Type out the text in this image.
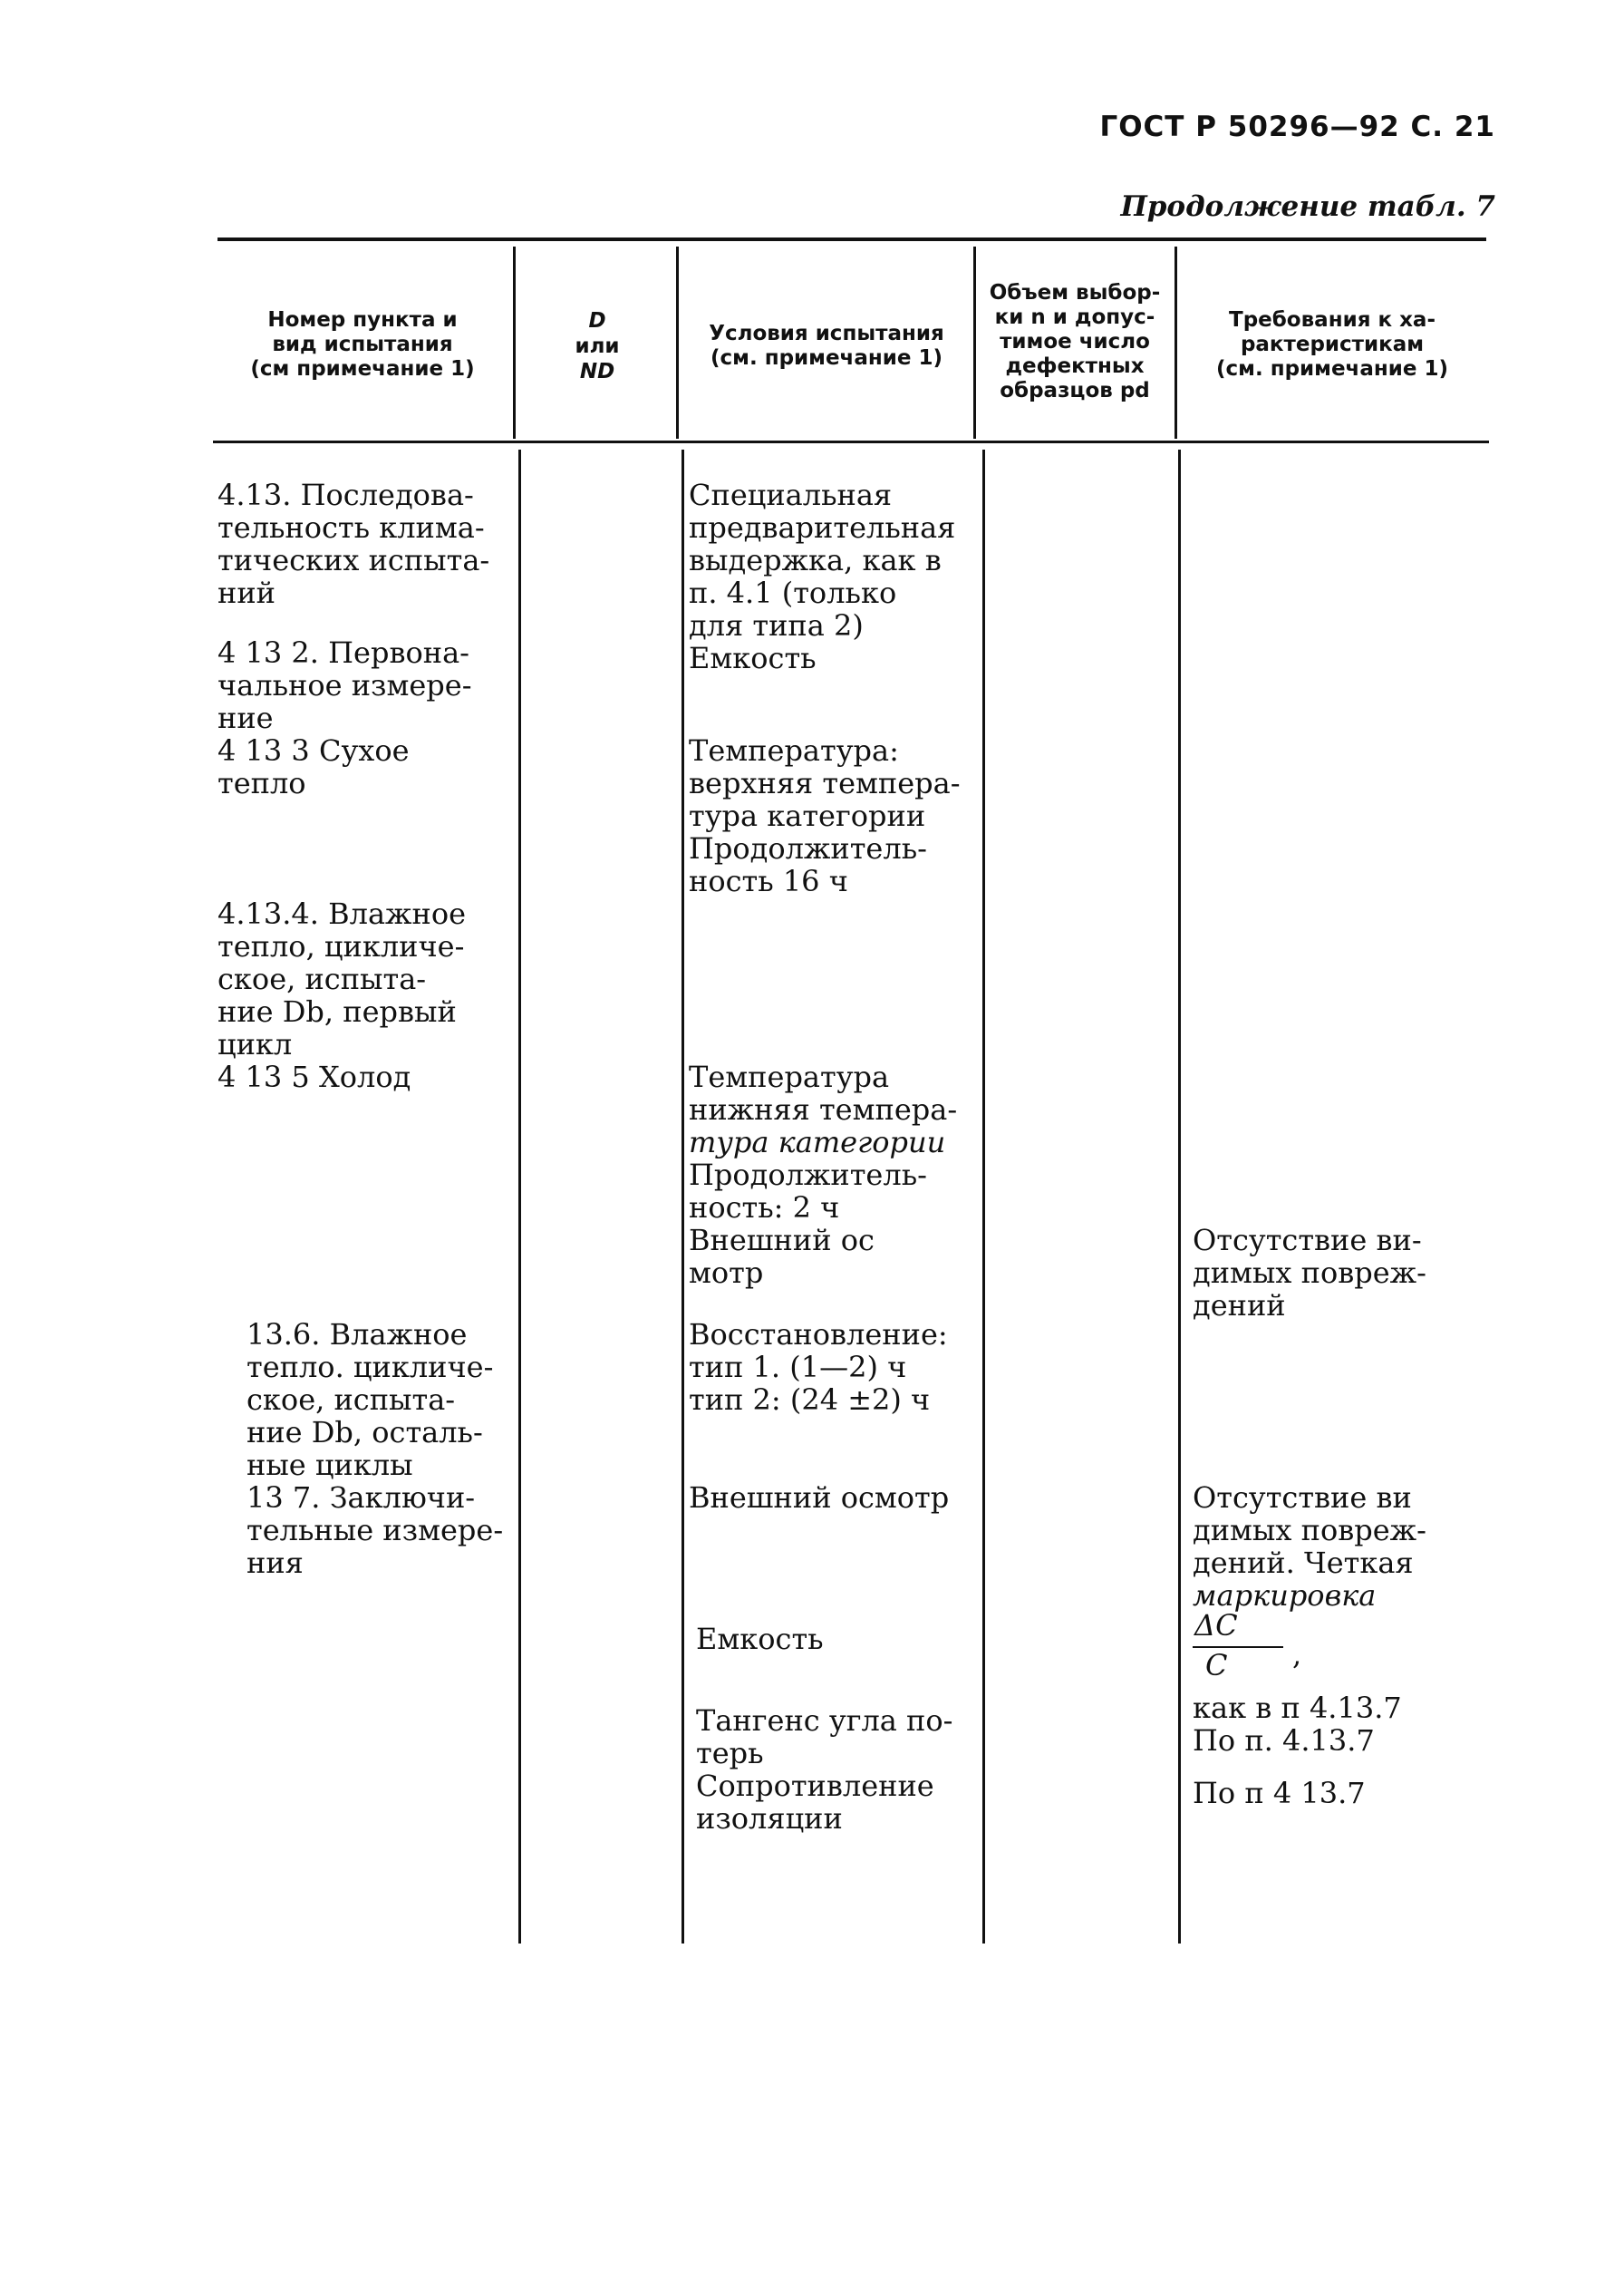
ГОСТ Р 50296—92 С. 21
Продолжение табл. 7
Номер пункта и
вид испытания
(см примечание 1)
D
или
ND
Условия испытания
(см. примечание 1)
Объем выбор-
ки n и допус-
тимое число
дефектных
образцов pd
Требования к ха-
рактеристикам
(см. примечание 1)
4.13. Последова-
тельность клима-
тических испыта-
ний
4 13 2. Первона-
чальное измере-
ние
4 13 3 Сухое
тепло
4.13.4. Влажное
тепло, цикличе-
ское, испыта-
ние Db, первый
цикл
4 13 5 Холод
13.6. Влажное
тепло. цикличе-
ское, испыта-
ние Db, осталь-
ные циклы
13 7. Заключи-
тельные измере-
ния
Специальная
предварительная
выдержка, как в
п. 4.1 (только
для типа 2)
Емкость
Температура:
верхняя темпера-
тура категории
Продолжитель-
ность 16 ч
Температура
нижняя темпера-
тура категории
Продолжитель-
ность: 2 ч
Внешний ос
мотр
Восстановление:
тип 1. (1—2) ч
тип 2: (24 ±2) ч
Внешний осмотр
Емкость
Тангенс угла по-
терь
Сопротивление
изоляции
Отсутствие ви-
димых повреж-
дений
Отсутствие ви
димых повреж-
дений. Четкая
маркировка
ΔC
C ,
как в п 4.13.7
По п. 4.13.7
По п 4 13.7
